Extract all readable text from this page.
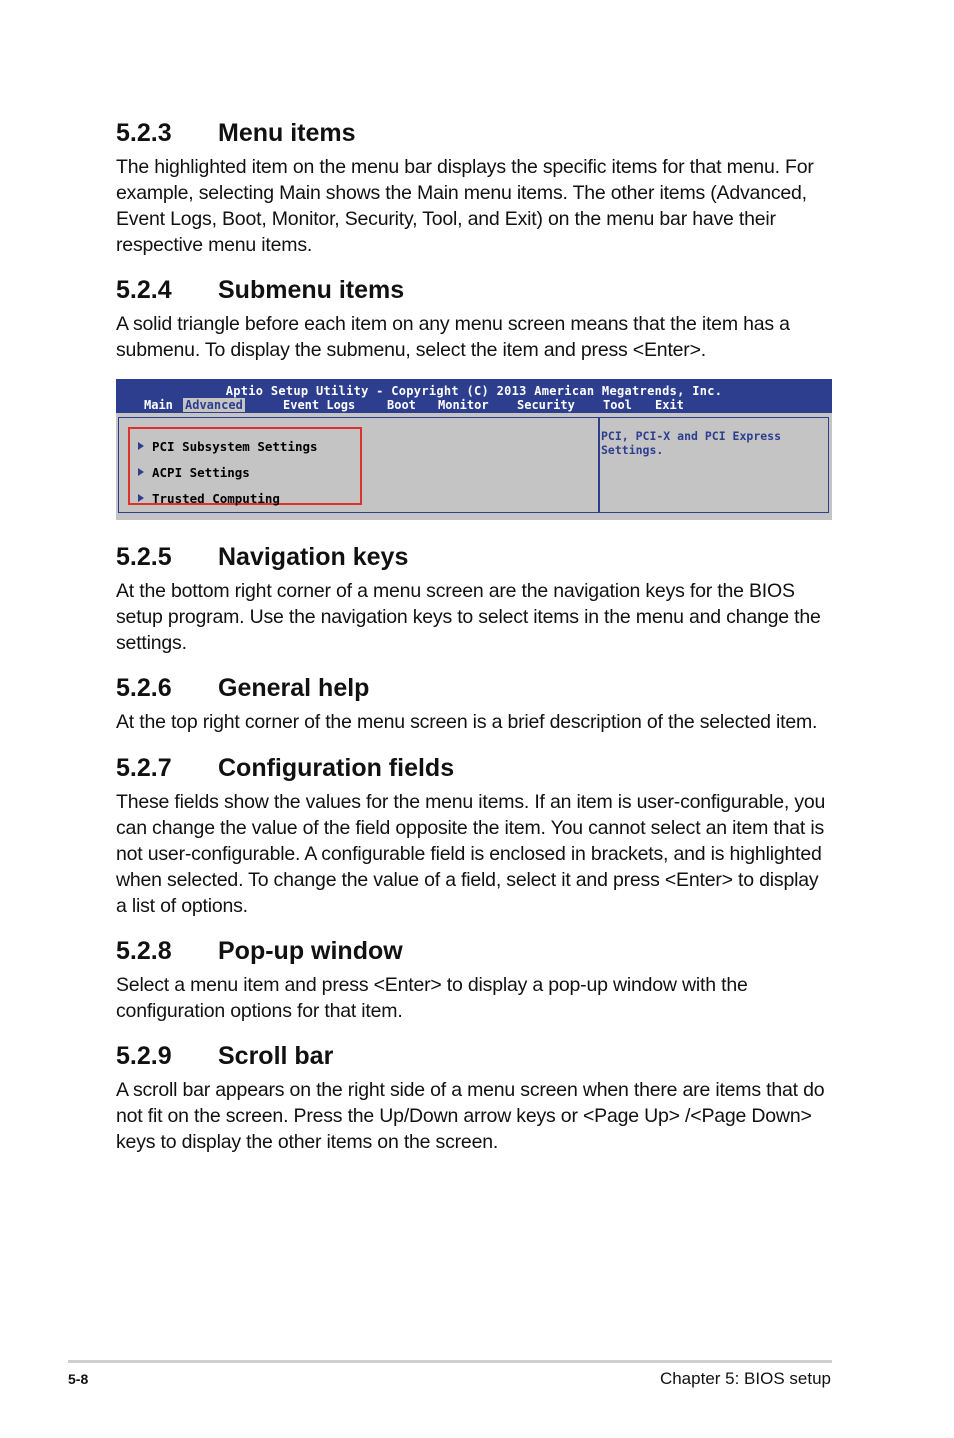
5.2.3	Menu items

The highlighted item on the menu bar displays the specific items for that menu. For example, selecting Main shows the Main menu items. The other items (Advanced, Event Logs, Boot, Monitor, Security, Tool, and Exit) on the menu bar have their respective menu items.

5.2.4	Submenu items

A solid triangle before each item on any menu screen means that the item has a submenu. To display the submenu, select the item and press <Enter>.

Aptio Setup Utility - Copyright (C) 2013 American Megatrends, Inc.
Main Advanced	Event Logs	Boot Monitor Security Tool Exit
PCI Subsystem Settings
ACPI Settings
Trusted Computing
PCI, PCI-X and PCI Express Settings.
5.2.5	Navigation keys

At the bottom right corner of a menu screen are the navigation keys for the BIOS setup program. Use the navigation keys to select items in the menu and change the settings.

5.2.6	General help

At the top right corner of the menu screen is a brief description of the selected item.

5.2.7	Configuration fields

These fields show the values for the menu items. If an item is user-configurable, you can change the value of the field opposite the item. You cannot select an item that is not user-configurable. A configurable field is enclosed in brackets, and is highlighted when selected. To change the value of a field, select it and press <Enter> to display a list of options.

5.2.8	Pop-up window

Select a menu item and press <Enter> to display a pop-up window with the configuration options for that item.

5.2.9	Scroll bar

A scroll bar appears on the right side of a menu screen when there are items that do not fit on the screen. Press the Up/Down arrow keys or <Page Up> /<Page Down> keys to display the other items on the screen.

5-8	Chapter 5: BIOS setup
